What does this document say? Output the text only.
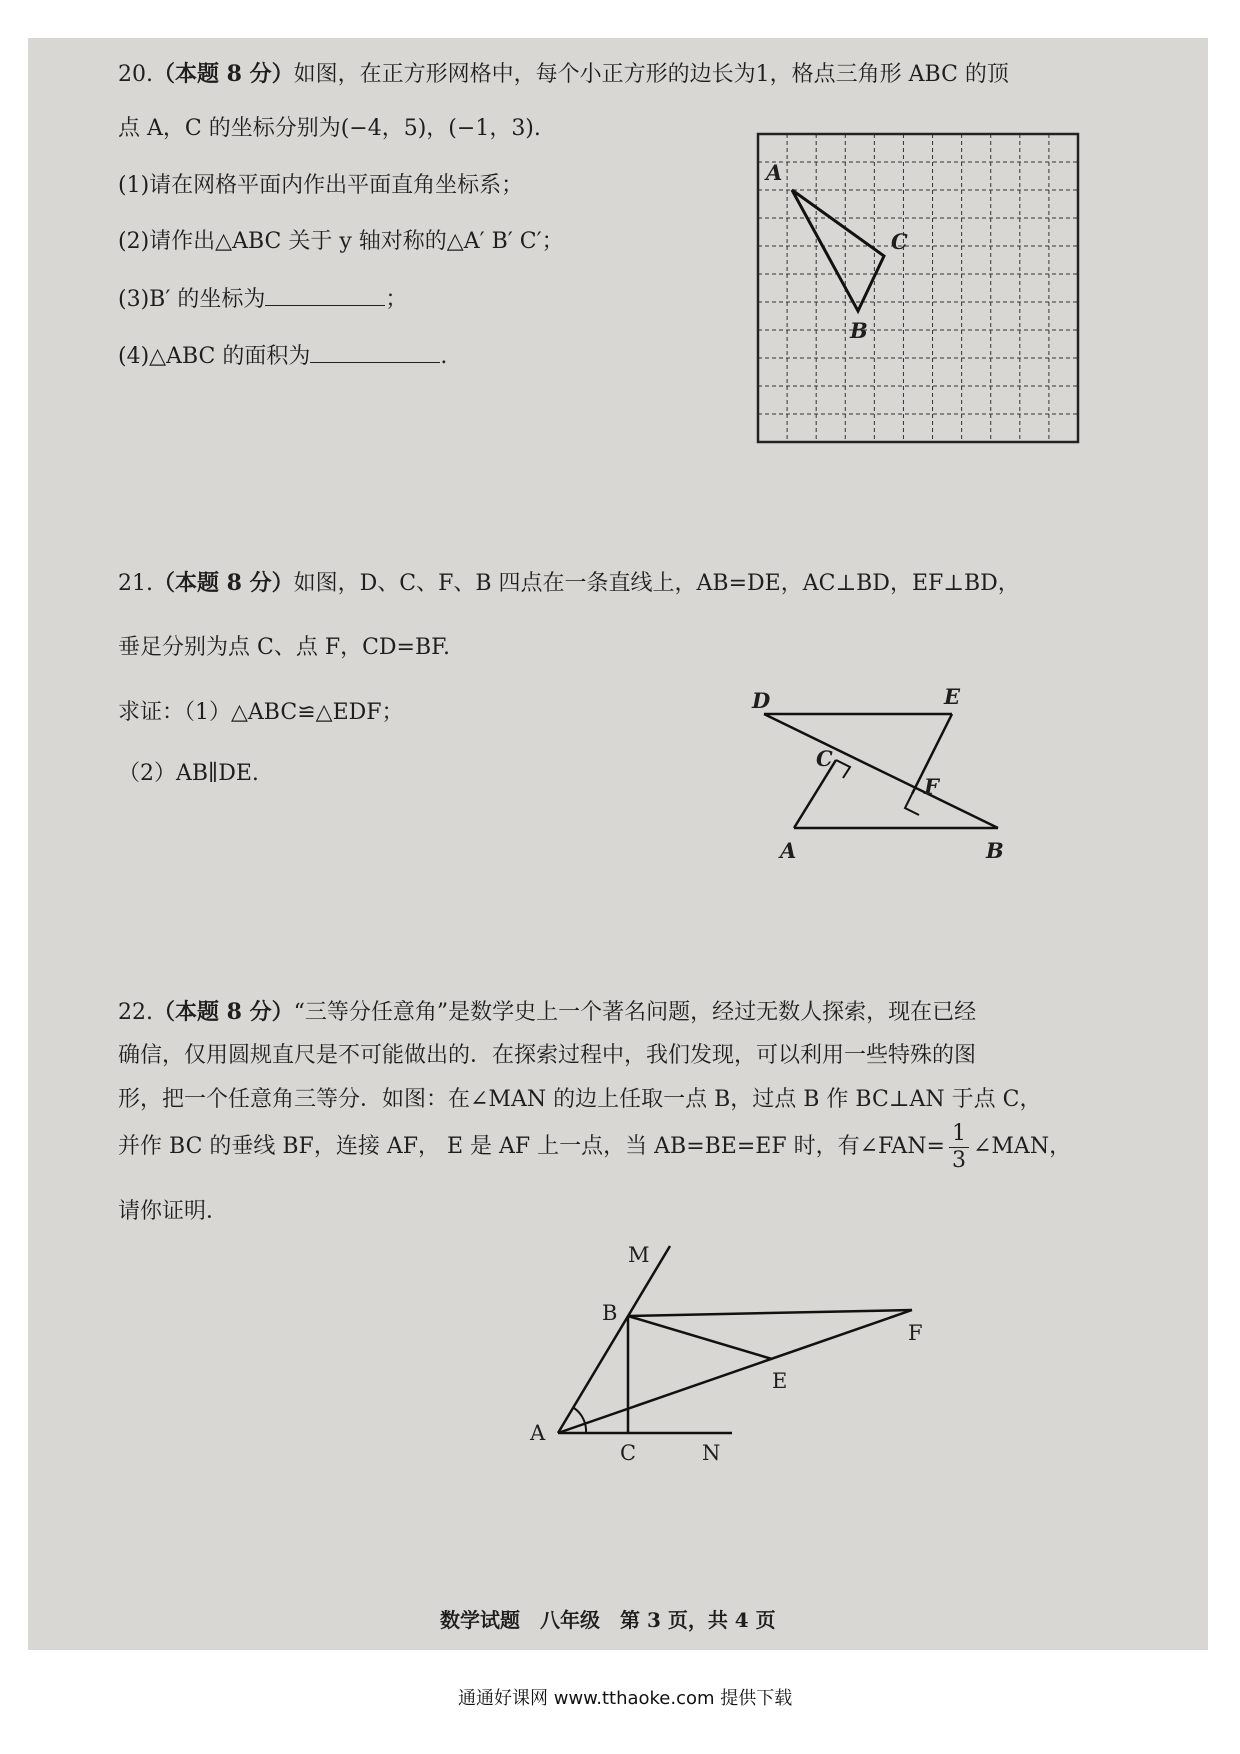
20.（本题 8 分）如图，在正方形网格中，每个小正方形的边长为1，格点三角形 ABC 的顶
点 A，C 的坐标分别为(−4，5)，(−1，3).
(1)请在网格平面内作出平面直角坐标系；
(2)请作出△ABC 关于 y 轴对称的△A′ B′ C′；
(3)B′ 的坐标为	；
(4)△ABC 的面积为	.
A
C
B
21.（本题 8 分）如图，D、C、F、B 四点在一条直线上，AB=DE，AC⊥BD，EF⊥BD，
垂足分别为点 C、点 F，CD=BF.
求证：（1）△ABC≌△EDF；
（2）AB∥DE.
D	E
C
F
A	B
22.（本题 8 分）“三等分任意角”是数学史上一个著名问题，经过无数人探索，现在已经
确信，仅用圆规直尺是不可能做出的．在探索过程中，我们发现，可以利用一些特殊的图
形，把一个任意角三等分．如图：在∠MAN 的边上任取一点 B，过点 B 作 BC⊥AN 于点 C，
并作 BC 的垂线 BF，连接 AF， E 是 AF 上一点，当 AB=BE=EF 时，有∠FAN= $\frac{1}{3}$ ∠MAN，
请你证明．
M
B
F
E
A
C	N
数学试题　八年级　第 3 页，共 4 页
通通好课网 www.tthaoke.com 提供下载
